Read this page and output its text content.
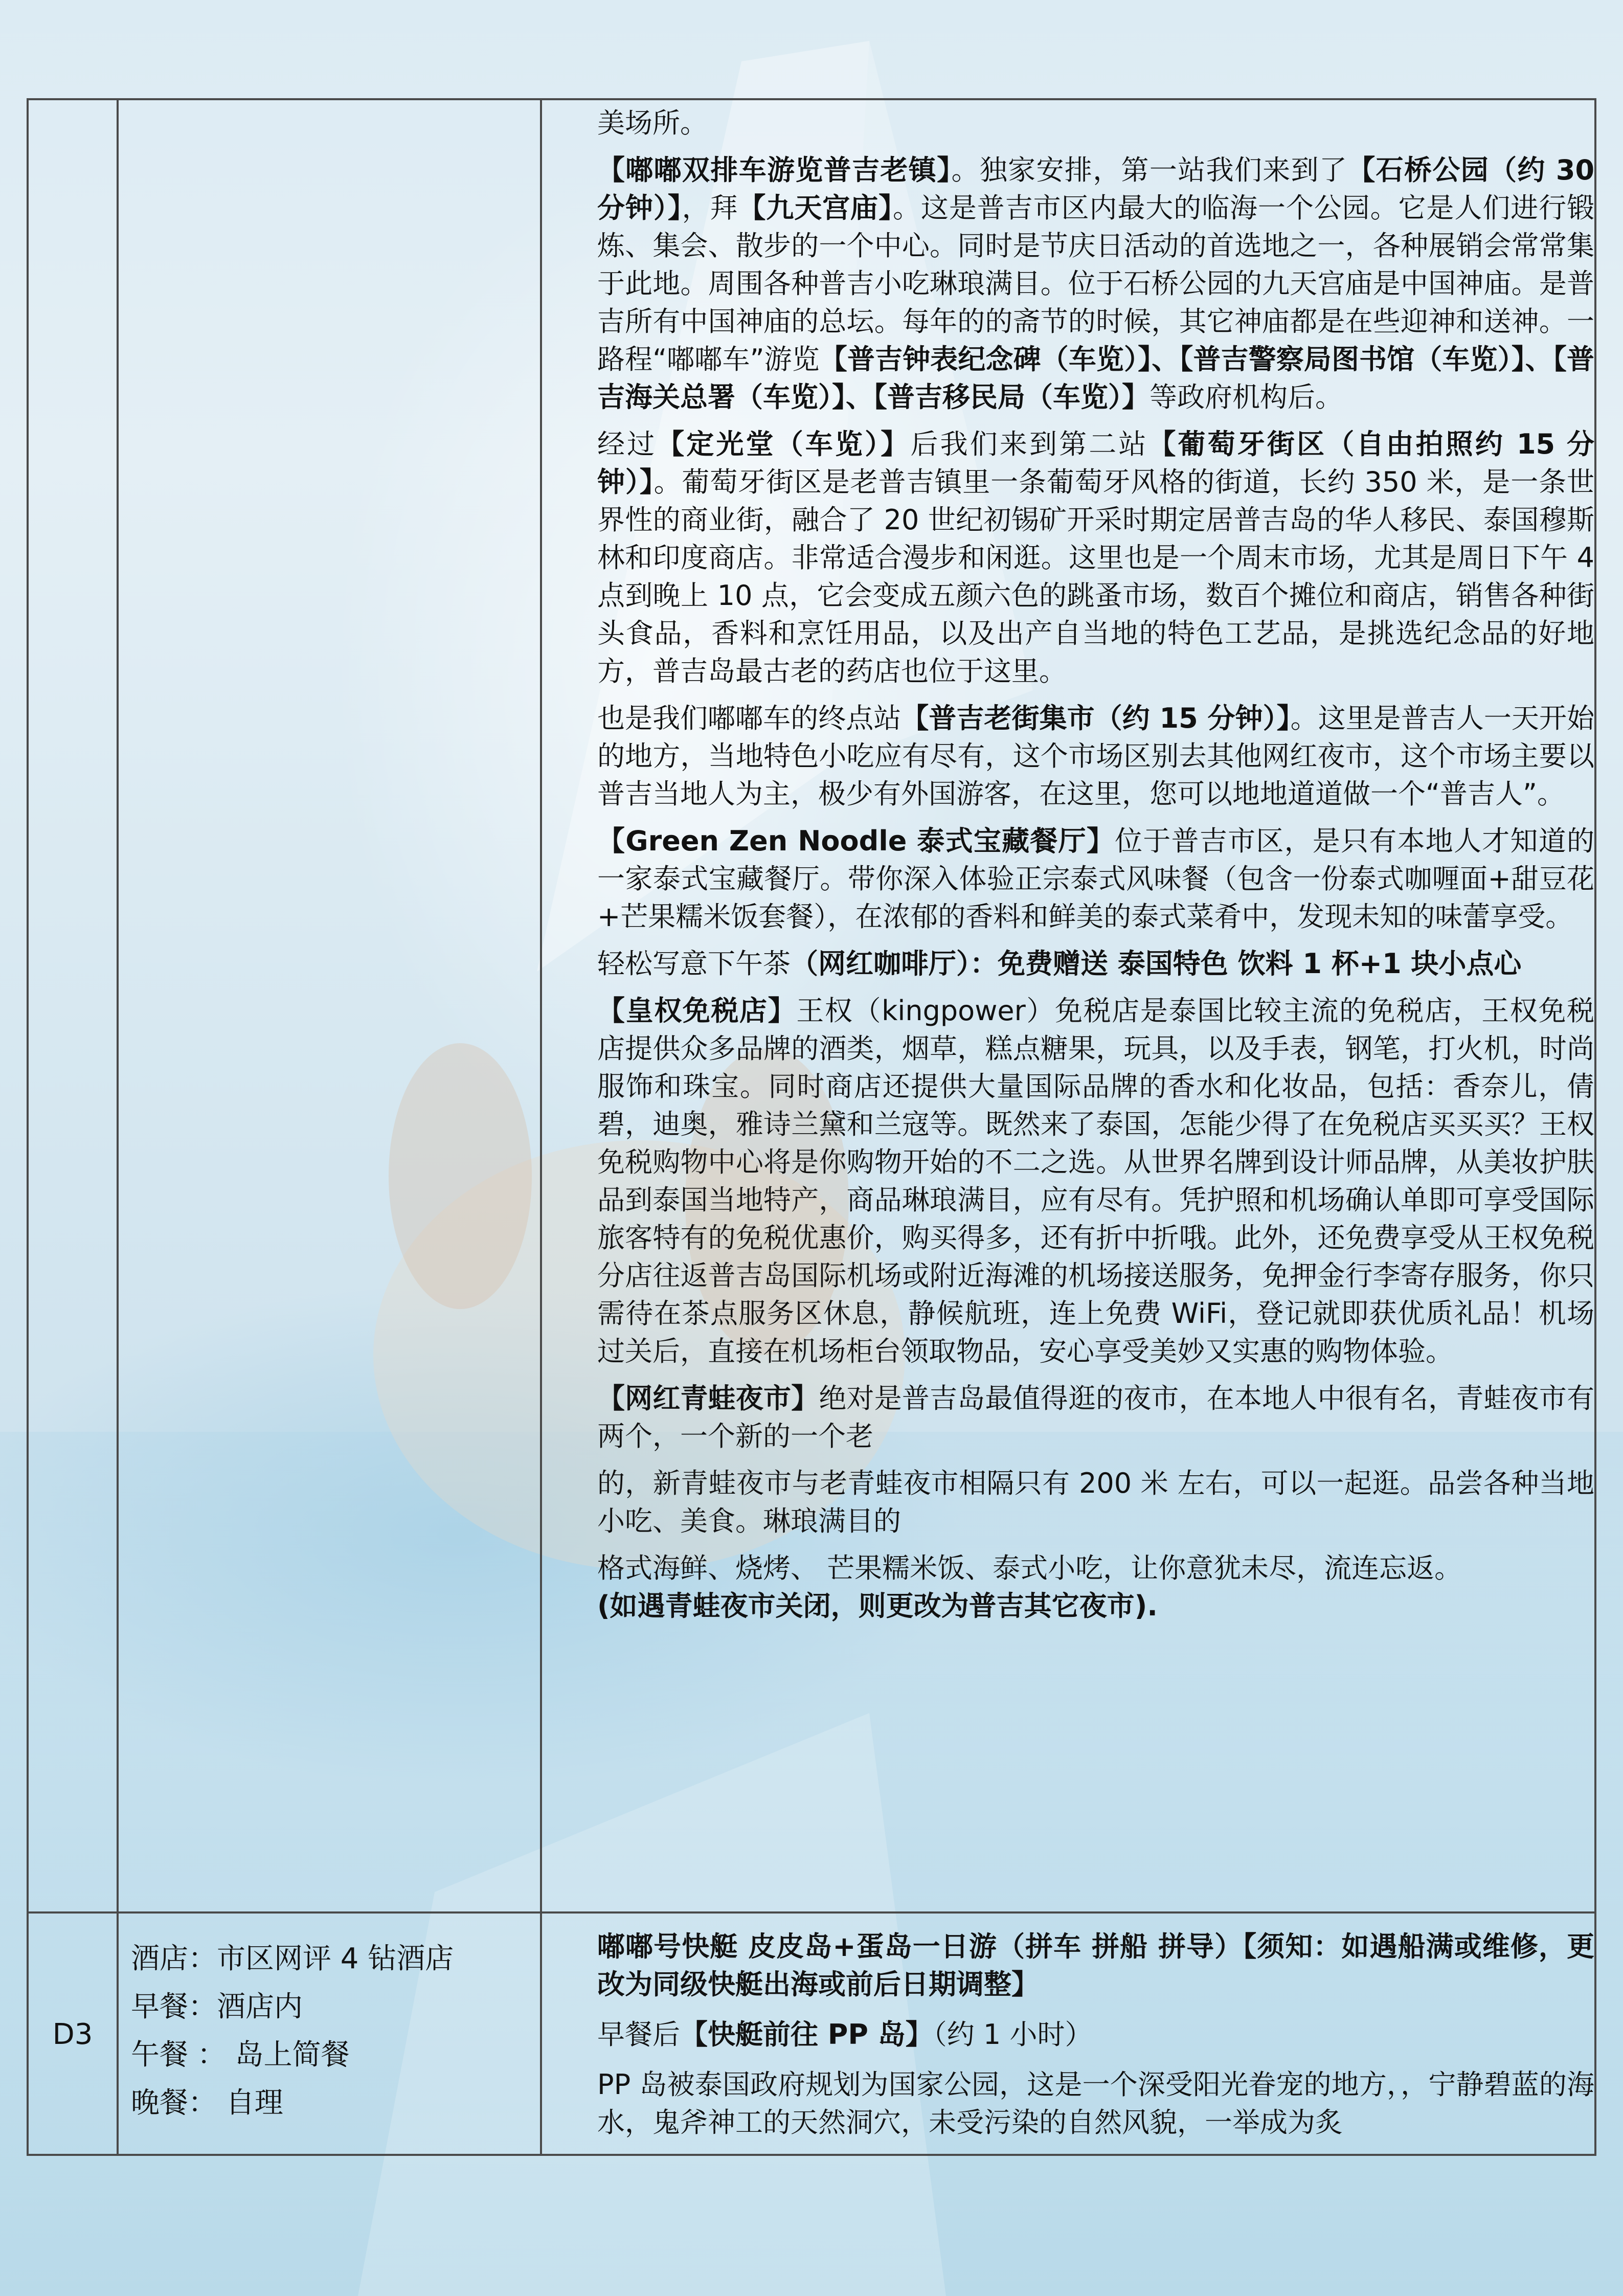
美场所。

【嘟嘟双排车游览普吉老镇】。独家安排，第一站我们来到了【石桥公园（约 30 分钟）】，拜【九天宫庙】。这是普吉市区内最大的临海一个公园。它是人们进行锻炼、集会、散步的一个中心。同时是节庆日活动的首选地之一，各种展销会常常集于此地。周围各种普吉小吃琳琅满目。位于石桥公园的九天宫庙是中国神庙。是普吉所有中国神庙的总坛。每年的的斋节的时候，其它神庙都是在些迎神和送神。一路程“嘟嘟车”游览【普吉钟表纪念碑（车览）】、【普吉警察局图书馆（车览）】、【普吉海关总署（车览）】、【普吉移民局（车览）】等政府机构后。

经过【定光堂（车览）】后我们来到第二站【葡萄牙街区（自由拍照约 15 分钟）】。葡萄牙街区是老普吉镇里一条葡萄牙风格的街道，长约 350 米，是一条世界性的商业街，融合了 20 世纪初锡矿开采时期定居普吉岛的华人移民、泰国穆斯林和印度商店。非常适合漫步和闲逛。这里也是一个周末市场，尤其是周日下午 4 点到晚上 10 点，它会变成五颜六色的跳蚤市场，数百个摊位和商店，销售各种街头食品，香料和烹饪用品，以及出产自当地的特色工艺品，是挑选纪念品的好地方，普吉岛最古老的药店也位于这里。

也是我们嘟嘟车的终点站【普吉老街集市（约 15 分钟）】。这里是普吉人一天开始的地方，当地特色小吃应有尽有，这个市场区别去其他网红夜市，这个市场主要以普吉当地人为主，极少有外国游客，在这里，您可以地地道道做一个“普吉人”。

【Green Zen Noodle 泰式宝藏餐厅】位于普吉市区，是只有本地人才知道的一家泰式宝藏餐厅。带你深入体验正宗泰式风味餐（包含一份泰式咖喱面+甜豆花+芒果糯米饭套餐），在浓郁的香料和鲜美的泰式菜肴中，发现未知的味蕾享受。

轻松写意下午茶（网红咖啡厅）：免费赠送 泰国特色 饮料 1 杯+1 块小点心

【皇权免税店】王权（kingpower）免税店是泰国比较主流的免税店，王权免税店提供众多品牌的酒类，烟草，糕点糖果，玩具，以及手表，钢笔，打火机，时尚服饰和珠宝。同时商店还提供大量国际品牌的香水和化妆品，包括：香奈儿，倩碧，迪奥，雅诗兰黛和兰寇等。既然来了泰国，怎能少得了在免税店买买买？王权免税购物中心将是你购物开始的不二之选。从世界名牌到设计师品牌，从美妆护肤品到泰国当地特产，商品琳琅满目，应有尽有。凭护照和机场确认单即可享受国际旅客特有的免税优惠价，购买得多，还有折中折哦。此外，还免费享受从王权免税分店往返普吉岛国际机场或附近海滩的机场接送服务，免押金行李寄存服务，你只需待在茶点服务区休息，静候航班，连上免费 WiFi，登记就即获优质礼品！机场过关后，直接在机场柜台领取物品，安心享受美妙又实惠的购物体验。

【网红青蛙夜市】绝对是普吉岛最值得逛的夜市，在本地人中很有名，青蛙夜市有两个，一个新的一个老

的，新青蛙夜市与老青蛙夜市相隔只有 200 米 左右，可以一起逛。品尝各种当地小吃、美食。琳琅满目的

格式海鲜、烧烤、 芒果糯米饭、泰式小吃，让你意犹未尽，流连忘返。

(如遇青蛙夜市关闭，则更改为普吉其它夜市).

D3
酒店：市区网评 4 钻酒店
早餐：酒店内
午餐 ： 岛上简餐
晚餐： 自理

嘟嘟号快艇 皮皮岛+蛋岛一日游（拼车 拼船 拼导）【须知：如遇船满或维修，更改为同级快艇出海或前后日期调整】

早餐后【快艇前往 PP 岛】（约 1 小时）

PP 岛被泰国政府规划为国家公园，这是一个深受阳光眷宠的地方，，宁静碧蓝的海水，鬼斧神工的天然洞穴，未受污染的自然风貌，一举成为炙
